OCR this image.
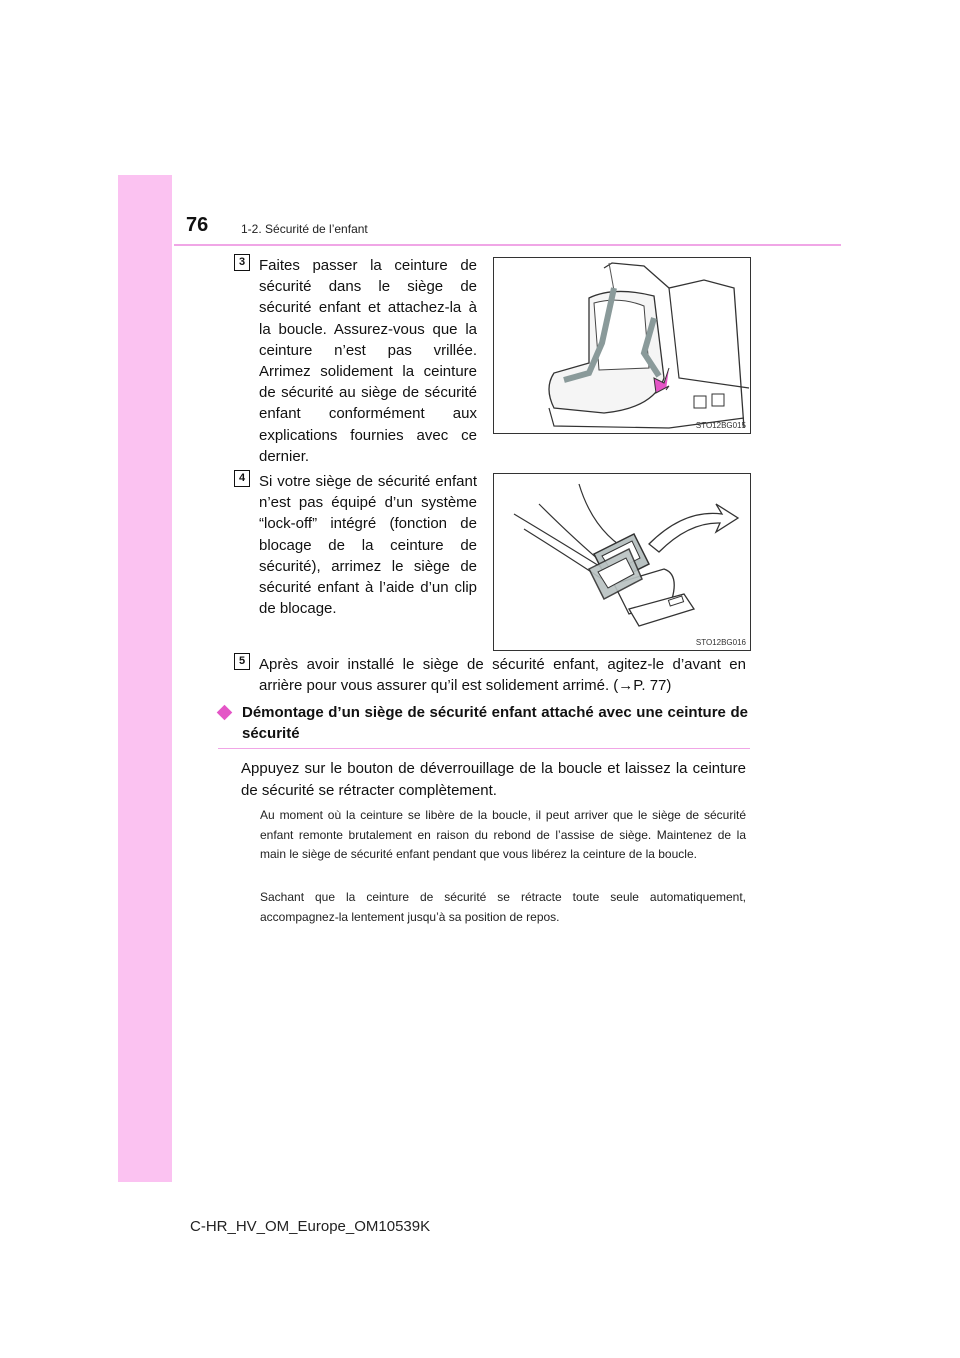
76	1-2. Sécurité de l’enfant
3 Faites passer la ceinture de sécurité dans le siège de sécurité enfant et attachez-la à la boucle. Assurez-vous que la ceinture n’est pas vrillée. Arrimez solidement la ceinture de sécurité au siège de sécurité enfant conformément aux explications fournies avec ce dernier.
STO12BG015
4 Si votre siège de sécurité enfant n’est pas équipé d’un système “lock-off” intégré (fonction de blocage de la ceinture de sécurité), arrimez le siège de sécurité enfant à l’aide d’un clip de blocage.
STO12BG016
5 Après avoir installé le siège de sécurité enfant, agitez-le d’avant en arrière pour vous assurer qu’il est solidement arrimé. (→P. 77)
Démontage d’un siège de sécurité enfant attaché avec une ceinture de sécurité
Appuyez sur le bouton de déverrouillage de la boucle et laissez la ceinture de sécurité se rétracter complètement.
Au moment où la ceinture se libère de la boucle, il peut arriver que le siège de sécurité enfant remonte brutalement en raison du rebond de l’assise de siège. Maintenez de la main le siège de sécurité enfant pendant que vous libérez la ceinture de la boucle.
Sachant que la ceinture de sécurité se rétracte toute seule automatiquement, accompagnez-la lentement jusqu’à sa position de repos.
C-HR_HV_OM_Europe_OM10539K
